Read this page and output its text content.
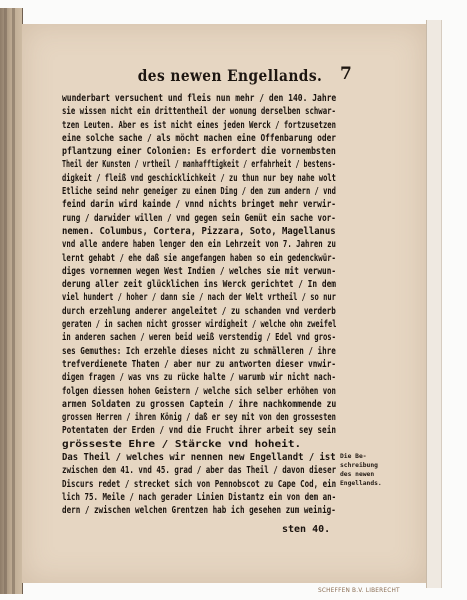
des newen Engellands.	7
wunderbart versuchent und fleis nun mehr / den 140. Jahre
sie wissen nicht ein drittentheil der wonung derselben schwar-
tzen Leuten. Aber es ist nicht eines jeden Werck / fortzusetzen
eine solche sache / als möcht machen eine Offenbarung oder
pflantzung einer Colonien: Es erfordert die vornembsten
Theil der Kunsten / vrtheil / manhafftigkeit / erfahrheit / bestens-
digkeit / fleiß vnd geschicklichkeit / zu thun nur bey nahe wolt
Etliche seind mehr geneiger zu einem Ding / den zum andern / vnd
feind darin wird kainde / vnnd nichts bringet mehr verwir-
rung / darwider willen / vnd gegen sein Gemüt ein sache vor-
nemen. Columbus, Cortera, Pizzara, Soto, Magellanus
vnd alle andere haben lenger den ein Lehrzeit von 7. Jahren zu
lernt gehabt / ehe daß sie angefangen haben so ein gedenckwür-
diges vornemmen wegen West Indien / welches sie mit verwun-
derung aller zeit glücklichen ins Werck gerichtet / In dem
viel hundert / hoher / dann sie / nach der Welt vrtheil / so nur
durch erzehlung anderer angeleitet / zu schanden vnd verderb
geraten / in sachen nicht grosser wirdigheit / welche ohn zweifel
in anderen sachen / weren beid weiß verstendig / Edel vnd gros-
ses Gemuthes: Ich erzehle dieses nicht zu schmälleren / ihre
trefverdienete Thaten / aber nur zu antworten dieser vnwir-
digen fragen / was vns zu rücke halte / warumb wir nicht nach-
folgen diessen hohen Geistern / welche sich selber erhöhen von
armen Soldaten zu grossen Captein / ihre nachkommende zu
grossen Herren / ihren König / daß er sey mit von den grossesten
Potentaten der Erden / vnd die Frucht ihrer arbeit sey sein
grösseste Ehre / Stärcke vnd hoheit.
Das Theil / welches wir nennen new Engellandt / ist
zwischen dem 41. vnd 45. grad / aber das Theil / davon dieser
Discurs redet / strecket sich von Pennobscot zu Cape Cod, ein
lich 75. Meile / nach gerader Linien Distantz ein von dem an-
dern / zwischen welchen Grentzen hab ich gesehen zum weinig-
Die Be-
schreibung
des newen
Engellands.
sten 40.
SCHEFFEN B.V. LIBERECHT
